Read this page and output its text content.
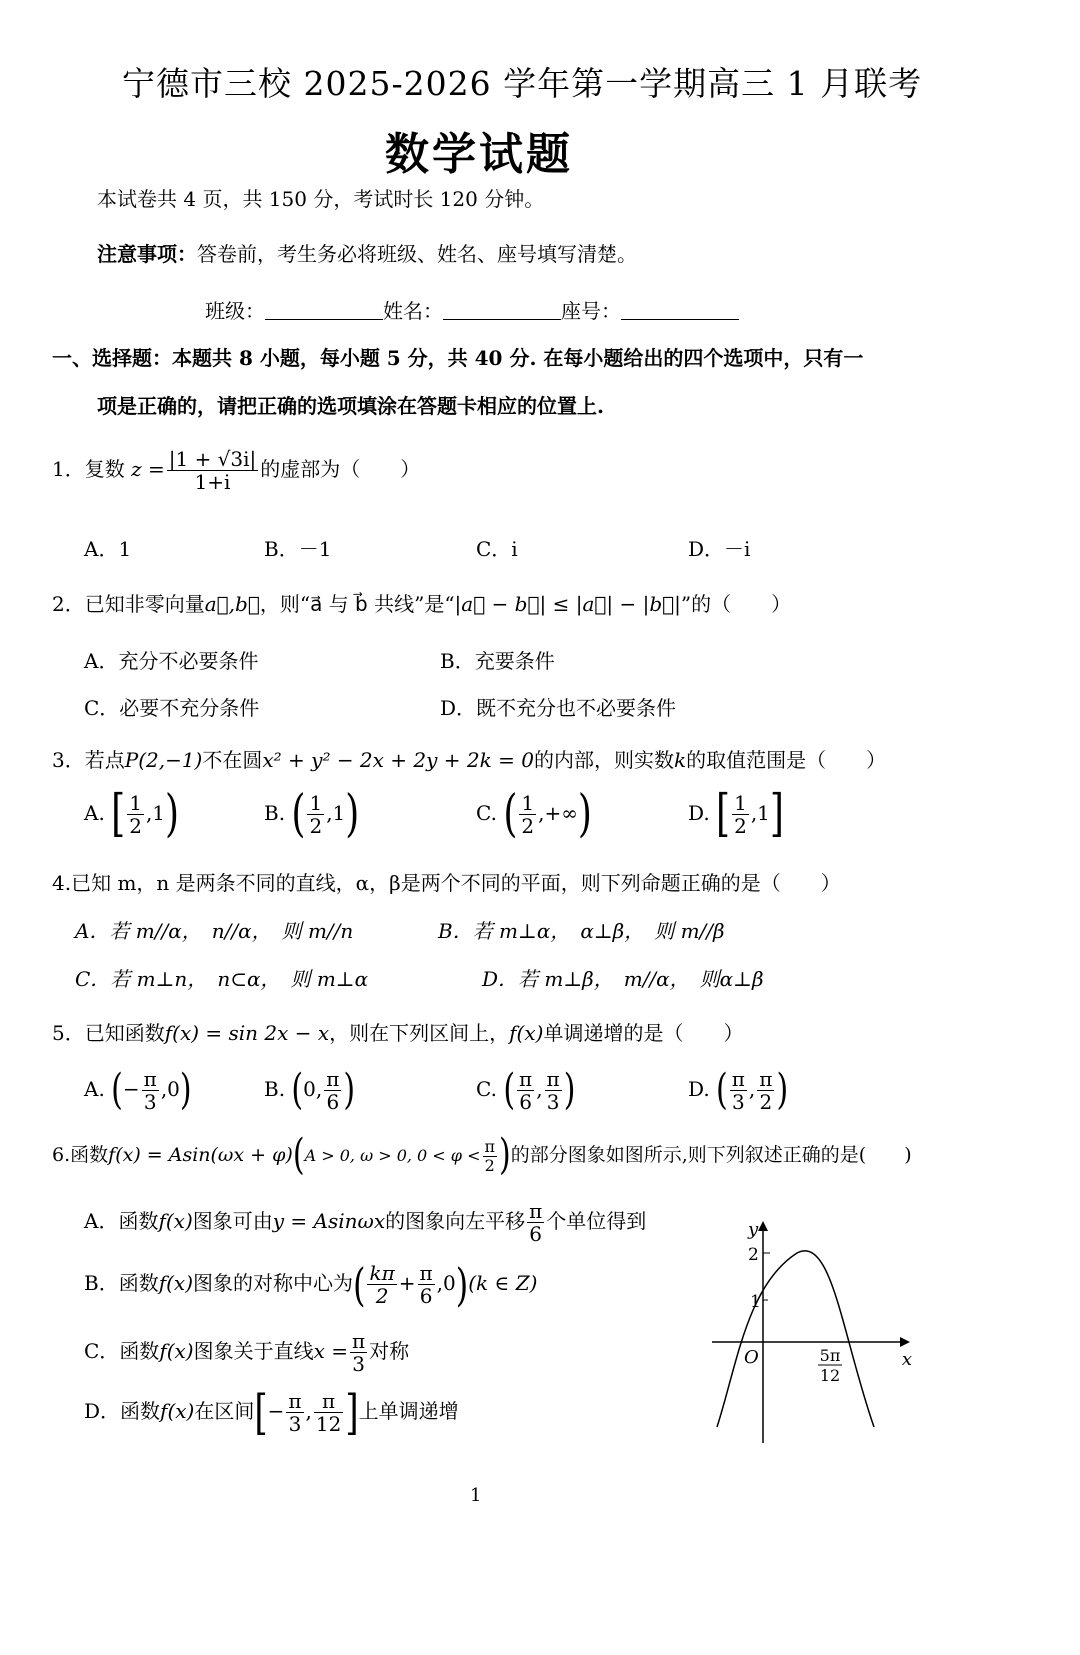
宁德市三校 2025-2026 学年第一学期高三 1 月联考
数学试题
本试卷共 4 页，共 150 分，考试时长 120 分钟。
注意事项：答卷前，考生务必将班级、姓名、座号填写清楚。
班级：	姓名：	座号：
一、选择题：本题共 8 小题，每小题 5 分，共 40 分. 在每小题给出的四个选项中，只有一
项是正确的，请把正确的选项填涂在答题卡相应的位置上.
1．复数 $z = \frac{|1 + √3i|}{1+i}$ 的虚部为（　　）
A．1	B．－1	C．i	D．－i
2．已知非零向量a⃗,b⃗，则“a⃗ 与 b⃗ 共线”是“|a⃗ − b⃗| ≤ |a⃗| − |b⃗|”的（　　）
A．充分不必要条件	B．充要条件
C．必要不充分条件	D．既不充分也不必要条件
3．若点P(2,−1)不在圆x² + y² − 2x + 2y + 2k = 0的内部，则实数k的取值范围是（　　）
A. [ $\frac{1}{2} ,1$)	B. ( $\frac{1}{2} ,1$)	C. ( $\frac{1}{2}$ ,+∞)	D. [ $\frac{1}{2} ,1$]
4.已知 m，n 是两条不同的直线，α，β是两个不同的平面，则下列命题正确的是（　　）
A．若 m//α，　n//α，　则 m//n	B．若 m⊥α，　α⊥β，　则 m//β
C．若 m⊥n，　n⊂α，　则 m⊥α	D．若 m⊥β，　m//α，　则α⊥β
5．已知函数f(x) = sin 2x − x，则在下列区间上，f(x)单调递增的是（　　）
A. (− $\frac{\pi}{3} ,0$)	B. (0, $\frac{\pi}{6}$ )	C. ( $\frac{\pi}{6}$ , $\frac{\pi}{3}$ )	D. ( $\frac{\pi}{3}$ , $\frac{\pi}{2}$ )
6.函数f(x) = Asin(ωx + φ)(A > 0, ω > 0, $0 < \varphi < \frac{\pi}{2}$ )的部分图象如图所示,则下列叙述正确的是(　　)
A．函数f(x)图象可由y = Asinωx的图象向左平移 $\frac{\pi}{6}$ 个单位得到
B．函数f(x)图象的对称中心为( $\frac{k\pi}{2} + \frac{\pi}{6} ,0)(k$ ∈ Z)
C．函数f(x)图象关于直线$x = \frac{\pi}{3}$ 对称
D．函数f(x)在区间[− $\frac{\pi}{3}$ , $\frac{\pi}{12}$ ]上单调递增
x
y
O
2
1
5π
12
1
